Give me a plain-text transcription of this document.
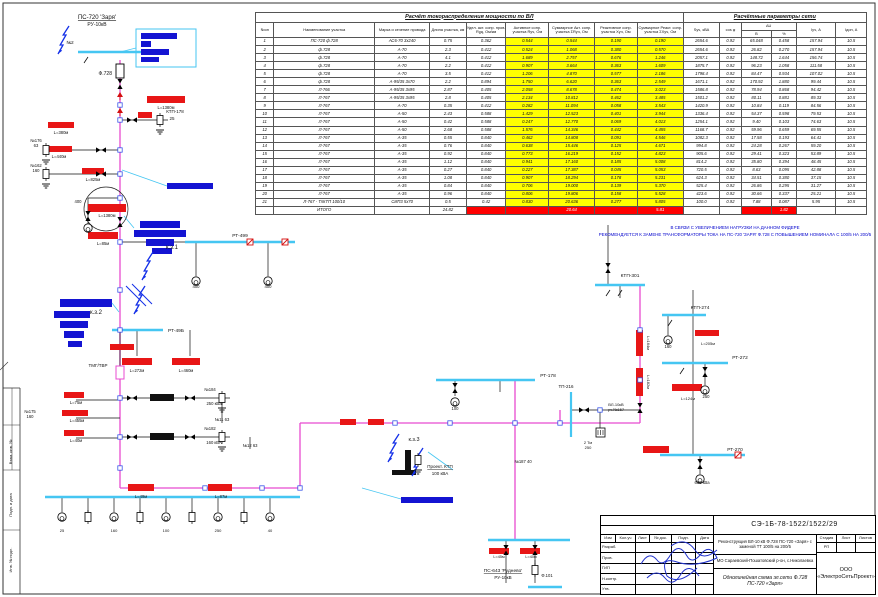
ПС-720 'Заря'
РУ-10кВ
№2
Ф.728
КТП-178
25
L=1380м
L=380м
№176
63
L=440м
№162
160
L=825м
400
L=1380м
L=85м
к.з.1
РТ-499
400	400
к.з.2
РТ-49Б
L=272м	L=460м
ТМГ/ТВР
№184
250 кВа
L=75м
L=455м
№175
160
L=40м
№182
160 кВА
№11 63
№12 63
L=49м	L=87м
25	160	100	250	40
РТ-178
100
№187 40
к.з.3
Проект. КТП
100 кВА
ТП-216
ВЛ-10кВ
уч.№157
2 Тм
250
КТП-301
КТП-274
160
L=205м
РТ-272
250
L=124м
РТ-270
630 кВа
L=164м
L=182м
ПС-643 'Руднево'
РУ-10кВ	Ф.101
L=45м	L=40м
Инв. № подл.
Подп. и дата
Взам. инв. №
Расчёт токораспределения мощности по ВЛ									Расчётные параметры сети					
№оп	Наименование участка	Марка и сечение провода	Длина участка, км	Удел. акт. сопр. пров. Rуд, Ом/км	Активное сопр. участка Rуч, Ом	Суммарное Акт. сопр. участка ΣRуч, Ом	Реактивное сопр. участка Xуч, Ом	Суммарное Реакт. сопр. участка ΣXуч, Ом	Sуч, кВА	cos φ	ΔU		Iуч, А	Iдоп, А
											В	%		
1	ПС-720 ф.728	АС6-70 3х240	0.75	0.362	0.544	0.544	0.190	0.190	2654.6	0.92	65.048	0.458	157.94	10.5
2	ф.728	А-70	2.3	0.412	0.524	1.068	0.380	0.570	2654.6	0.92	26.82	0.270	157.94	10.5
3	ф.728	А-70	4.1	0.412	1.689	2.757	0.676	1.246	2057.1	0.92	148.72	1.644	156.74	10.5
4	ф.728	А-70	2.2	0.412	0.907	3.664	0.363	1.609	1875.7	0.92	96.23	1.058	111.58	10.5
5	ф.728	А-70	3.5	0.412	1.206	4.870	0.577	2.186	1798.4	0.92	84.47	0.934	107.02	10.5
6	ф.728	А-95/35 3х70	2.2	0.894	1.750	6.620	0.363	2.549	1671.1	0.92	170.92	1.880	99.44	10.5
7	Л-766	А-95/35 3х95	2.87	0.405	2.058	8.678	0.474	3.023	1586.8	0.92	78.94	0.868	94.42	10.5
8	Л-767	А-95/35 3х95	2.8	0.405	2.134	10.812	0.462	3.485	1501.2	0.92	80.11	0.881	89.33	10.5
9	Л-767	А-70	0.35	0.412	0.282	11.094	0.058	3.543	1420.9	0.92	10.84	0.119	84.56	10.5
10	Л-767	А-50	2.43	0.588	1.429	12.523	0.401	3.944	1336.4	0.92	54.37	0.598	79.53	10.5
11	Л-767	А-50	0.42	0.588	0.247	12.770	0.069	4.013	1254.1	0.92	9.40	0.103	74.63	10.5
12	Л-767	А-50	2.68	0.588	1.576	14.346	0.442	4.455	1168.7	0.92	59.96	0.659	69.55	10.5
13	Л-767	А-35	0.55	0.840	0.462	14.808	0.091	4.546	1082.3	0.92	17.58	0.193	64.41	10.5
14	Л-767	А-35	0.76	0.840	0.638	15.446	0.125	4.671	994.8	0.92	24.28	0.267	59.20	10.5
15	Л-767	А-35	0.92	0.840	0.773	16.219	0.152	4.823	905.6	0.92	29.41	0.323	53.89	10.5
16	Л-767	А-35	1.12	0.840	0.941	17.160	0.185	5.008	814.2	0.92	35.80	0.394	48.45	10.5
17	Л-767	А-35	0.27	0.840	0.227	17.387	0.045	5.053	720.5	0.92	8.63	0.095	42.88	10.5
18	Л-767	А-35	1.08	0.840	0.907	18.294	0.178	5.231	624.3	0.92	34.51	0.380	37.15	10.5
19	Л-767	А-35	0.84	0.840	0.706	19.000	0.139	5.370	525.4	0.92	26.86	0.295	31.27	10.5
20	Л-767	А-35	0.96	0.840	0.806	19.806	0.158	5.528	423.6	0.92	30.66	0.337	25.21	10.5
21	Л-767 - ТпКТП 100/10	СИП3 5х70	0.5	0.42	0.830	20.636	0.277	5.805	100.0	0.92	7.88	0.087	5.95	10.5
	ИТОГО		24.82			20.64		5.81				1.82		
В СВЯЗИ С УВЕЛИЧЕНИЕМ НАГРУЗКИ НА ДАННОМ ФИДЕРЕ
РЕКОМЕНДУЕТСЯ К ЗАМЕНЕ ТРАНСФОРМАТОРЫ ТОКА НА ПС-720 'ЗАРЯ' Ф.728 С ПОВЫШЕНИЕМ НОМИНАЛА С 100/5 НА 200/5
СЭ-1Б-78-1522/1522/29
Изм	Кол.уч	Лист	№ док.	Подп.	Дата
Разраб.
Пров.
ГИП
Н.контр.
Утв.
Реконструкция ВЛ-10 кВ Ф.728 ПС-720 «Заря» с заменой ТТ 100/5 на 200/5
МО Сараевский-Пошатовский р-он, с.Николаевка
Однолинейная схема эл.сети Ф.728 ПС-720 «Заря»
Стадия	Лист	Листов
РП
ООО «ЭлектроСетьПроект»
